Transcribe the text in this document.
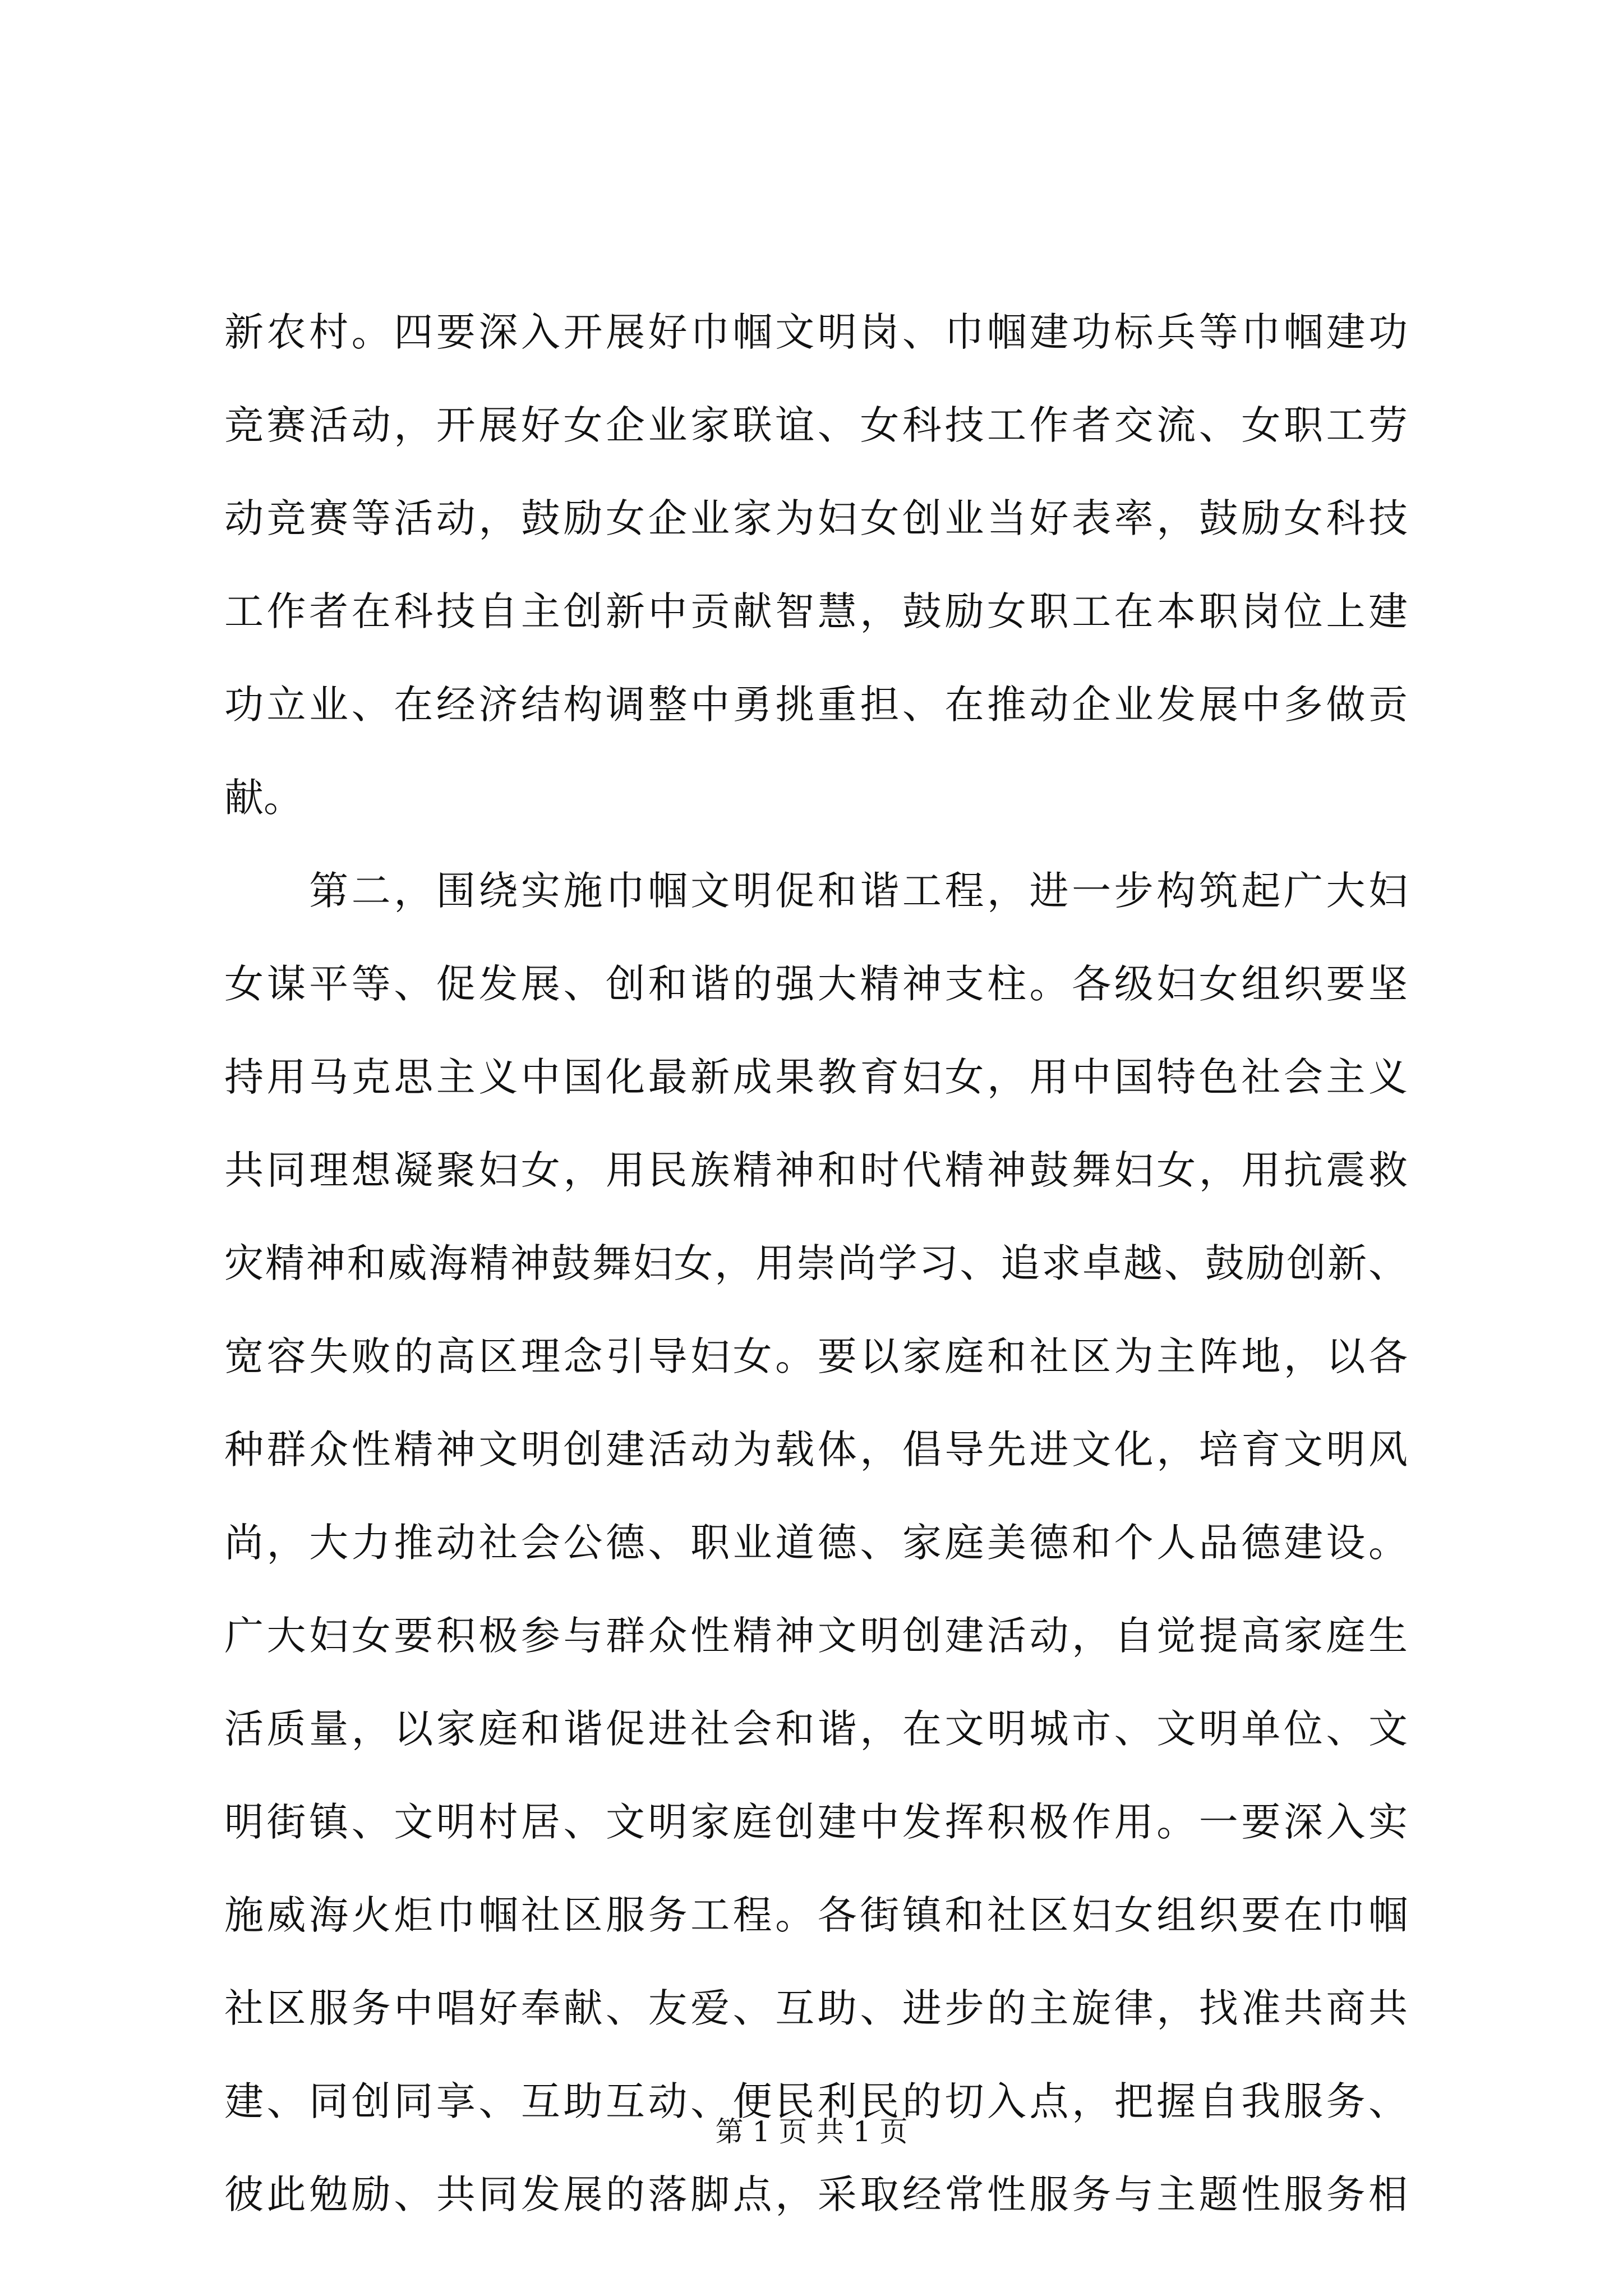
新农村。四要深入开展好巾帼文明岗、巾帼建功标兵等巾帼建功
竞赛活动，开展好女企业家联谊、女科技工作者交流、女职工劳
动竞赛等活动，鼓励女企业家为妇女创业当好表率，鼓励女科技
工作者在科技自主创新中贡献智慧，鼓励女职工在本职岗位上建
功立业、在经济结构调整中勇挑重担、在推动企业发展中多做贡
献。
　　第二，围绕实施巾帼文明促和谐工程，进一步构筑起广大妇
女谋平等、促发展、创和谐的强大精神支柱。各级妇女组织要坚
持用马克思主义中国化最新成果教育妇女，用中国特色社会主义
共同理想凝聚妇女，用民族精神和时代精神鼓舞妇女，用抗震救
灾精神和威海精神鼓舞妇女，用崇尚学习、追求卓越、鼓励创新、
宽容失败的高区理念引导妇女。要以家庭和社区为主阵地，以各
种群众性精神文明创建活动为载体，倡导先进文化，培育文明风
尚，大力推动社会公德、职业道德、家庭美德和个人品德建设。
广大妇女要积极参与群众性精神文明创建活动，自觉提高家庭生
活质量，以家庭和谐促进社会和谐，在文明城市、文明单位、文
明街镇、文明村居、文明家庭创建中发挥积极作用。一要深入实
施威海火炬巾帼社区服务工程。各街镇和社区妇女组织要在巾帼
社区服务中唱好奉献、友爱、互助、进步的主旋律，找准共商共
建、同创同享、互助互动、便民利民的切入点，把握自我服务、
彼此勉励、共同发展的落脚点，采取经常性服务与主题性服务相
第 1 页 共 1 页
